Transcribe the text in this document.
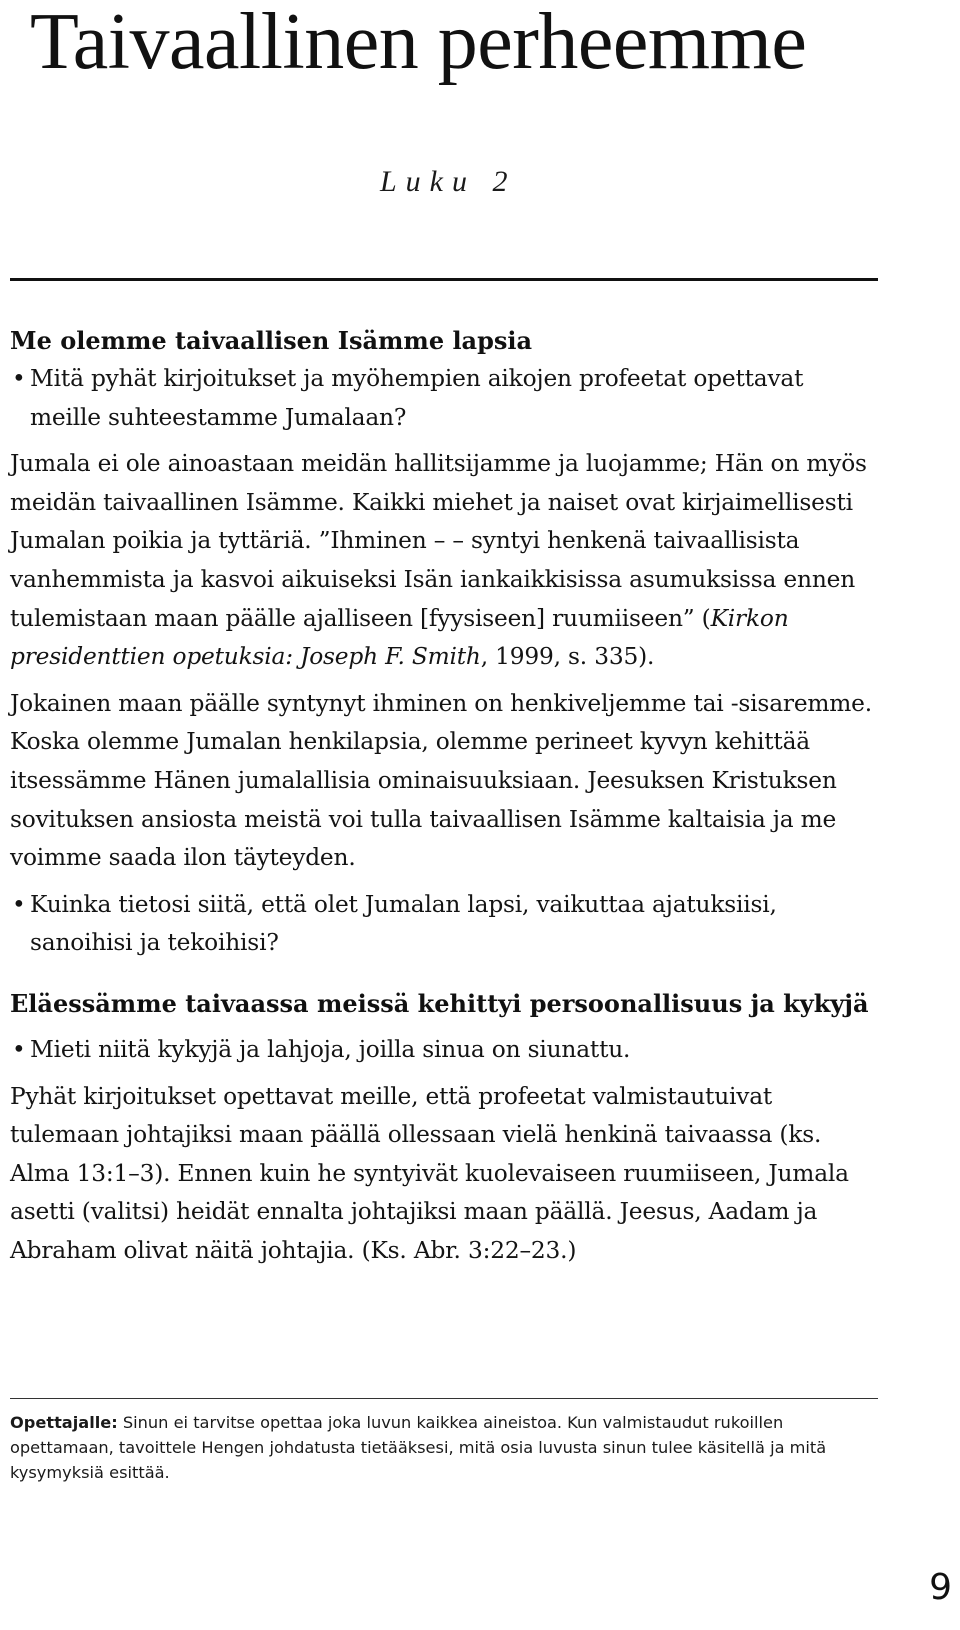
Taivaallinen perheemme

Luku 2

Me olemme taivaallisen Isämme lapsia

• Mitä pyhät kirjoitukset ja myöhempien aikojen profeetat opettavat meille suhteestamme Jumalaan?

Jumala ei ole ainoastaan meidän hallitsijamme ja luojamme; Hän on myös meidän taivaallinen Isämme. Kaikki miehet ja naiset ovat kirjaimellisesti Jumalan poikia ja tyttäriä. ”Ihminen – – syntyi henkenä taivaallisista vanhemmista ja kasvoi aikuiseksi Isän iankaikkisissa asumuksissa ennen tulemistaan maan päälle ajalliseen [fyysiseen] ruumiiseen” (Kirkon presidenttien opetuksia: Joseph F. Smith, 1999, s. 335).

Jokainen maan päälle syntynyt ihminen on henkiveljemme tai -sisaremme. Koska olemme Jumalan henkilapsia, olemme perineet kyvyn kehittää itsessämme Hänen jumalallisia ominaisuuksiaan. Jeesuksen Kristuksen sovituksen ansiosta meistä voi tulla taivaallisen Isämme kaltaisia ja me voimme saada ilon täyteyden.

• Kuinka tietosi siitä, että olet Jumalan lapsi, vaikuttaa ajatuksiisi, sanoihisi ja tekoihisi?

Eläessämme taivaassa meissä kehittyi persoonallisuus ja kykyjä

• Mieti niitä kykyjä ja lahjoja, joilla sinua on siunattu.

Pyhät kirjoitukset opettavat meille, että profeetat valmistautuivat tulemaan johtajiksi maan päällä ollessaan vielä henkinä taivaassa (ks. Alma 13:1–3). Ennen kuin he syntyivät kuolevaiseen ruumiiseen, Jumala asetti (valitsi) heidät ennalta johtajiksi maan päällä. Jeesus, Aadam ja Abraham olivat näitä johtajia. (Ks. Abr. 3:22–23.)

Opettajalle: Sinun ei tarvitse opettaa joka luvun kaikkea aineistoa. Kun valmistaudut rukoillen opettamaan, tavoittele Hengen johdatusta tietääksesi, mitä osia luvusta sinun tulee käsitellä ja mitä kysymyksiä esittää.

9
